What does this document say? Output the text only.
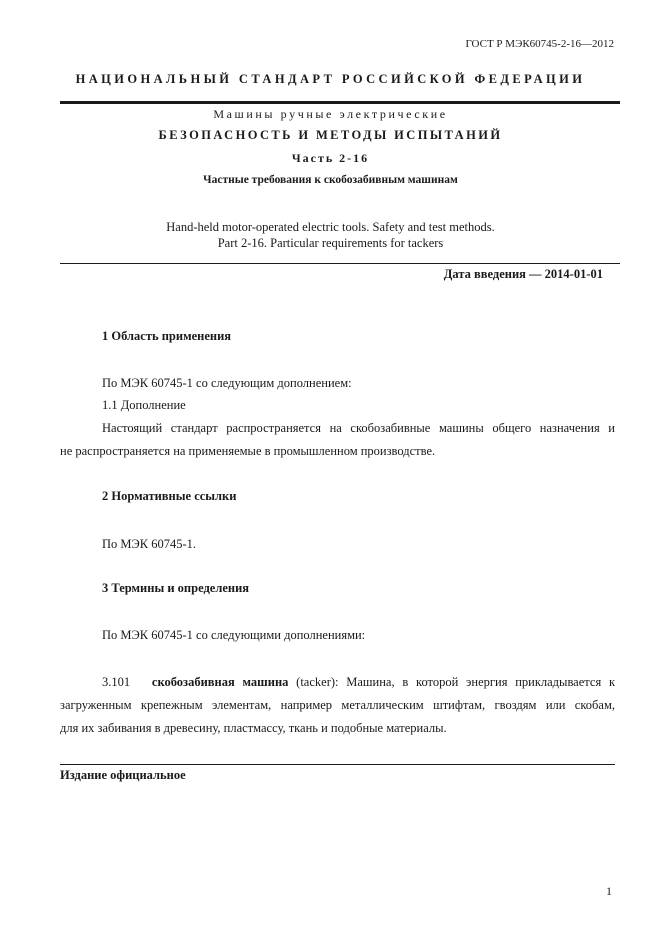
ГОСТ Р МЭК60745-2-16—2012
НАЦИОНАЛЬНЫЙ СТАНДАРТ РОССИЙСКОЙ ФЕДЕРАЦИИ
Машины ручные электрические
БЕЗОПАСНОСТЬ И МЕТОДЫ ИСПЫТАНИЙ
Часть 2-16
Частные требования к скобозабивным машинам
Hand-held motor-operated electric tools. Safety and test methods.
Part 2-16. Particular requirements for tackers
Дата введения — 2014-01-01
1 Область применения
По МЭК 60745-1 со следующим дополнением:
1.1 Дополнение
Настоящий стандарт распространяется на скобозабивные машины общего назначения и
не распространяется на применяемые в промышленном производстве.
2 Нормативные ссылки
По МЭК 60745-1.
3 Термины и определения
По МЭК 60745-1 со следующими дополнениями:
3.101 скобозабивная машина (tacker): Машина, в которой энергия прикладывается к
загруженным крепежным элементам, например металлическим штифтам, гвоздям или скобам,
для их забивания в древесину, пластмассу, ткань и подобные материалы.
Издание официальное
1
